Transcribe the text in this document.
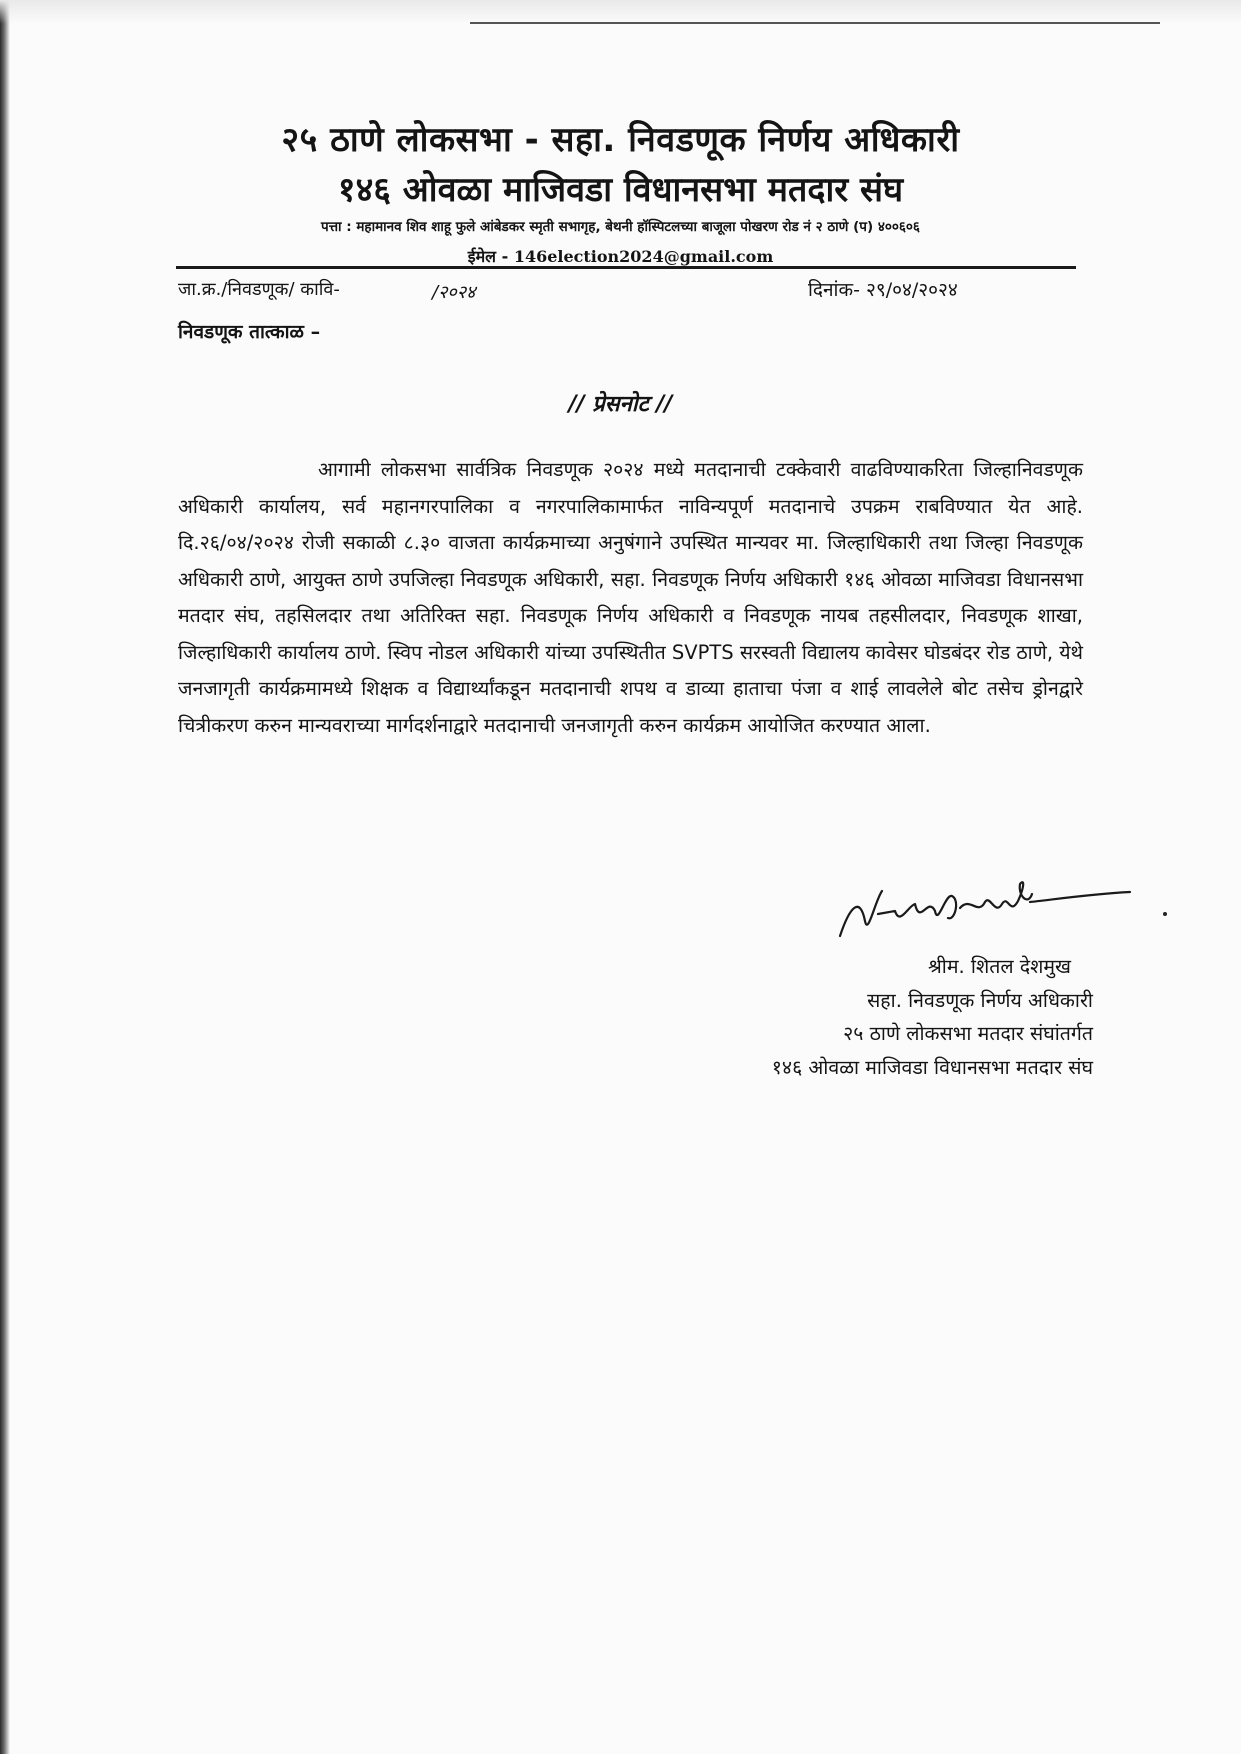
२५ ठाणे लोकसभा - सहा. निवडणूक निर्णय अधिकारी
१४६ ओवळा माजिवडा विधानसभा मतदार संघ
पत्ता : महामानव शिव शाहू फुले आंबेडकर स्मृती सभागृह, बेथनी हॉस्पिटलच्या बाजूला पोखरण रोड नं २ ठाणे (प) ४००६०६
ईमेल - 146election2024@gmail.com
जा.क्र./निवडणूक/ कावि-	/२०२४	दिनांक- २९/०४/२०२४
निवडणूक तात्काळ –
// प्रेसनोट //

आगामी लोकसभा सार्वत्रिक निवडणूक २०२४ मध्ये मतदानाची टक्केवारी वाढविण्याकरिता जिल्हानिवडणूक अधिकारी कार्यालय, सर्व महानगरपालिका व नगरपालिकामार्फत नाविन्यपूर्ण मतदानाचे उपक्रम राबविण्यात येत आहे. दि.२६/०४/२०२४ रोजी सकाळी ८.३० वाजता कार्यक्रमाच्या अनुषंगाने उपस्थित मान्यवर मा. जिल्हाधिकारी तथा जिल्हा निवडणूक अधिकारी ठाणे, आयुक्त ठाणे उपजिल्हा निवडणूक अधिकारी, सहा. निवडणूक निर्णय अधिकारी १४६ ओवळा माजिवडा विधानसभा मतदार संघ, तहसिलदार तथा अतिरिक्त सहा. निवडणूक निर्णय अधिकारी व निवडणूक नायब तहसीलदार, निवडणूक शाखा, जिल्हाधिकारी कार्यालय ठाणे. स्विप नोडल अधिकारी यांच्या उपस्थितीत SVPTS सरस्वती विद्यालय कावेसर घोडबंदर रोड ठाणे, येथे जनजागृती कार्यक्रमामध्ये शिक्षक व विद्यार्थ्यांकडून मतदानाची शपथ व डाव्या हाताचा पंजा व शाई लावलेले बोट तसेच ड्रोनद्वारे चित्रीकरण करुन मान्यवराच्या मार्गदर्शनाद्वारे मतदानाची जनजागृती करुन कार्यक्रम आयोजित करण्यात आला.

श्रीम. शितल देशमुख
सहा. निवडणूक निर्णय अधिकारी
२५ ठाणे लोकसभा मतदार संघांतर्गत
१४६ ओवळा माजिवडा विधानसभा मतदार संघ
